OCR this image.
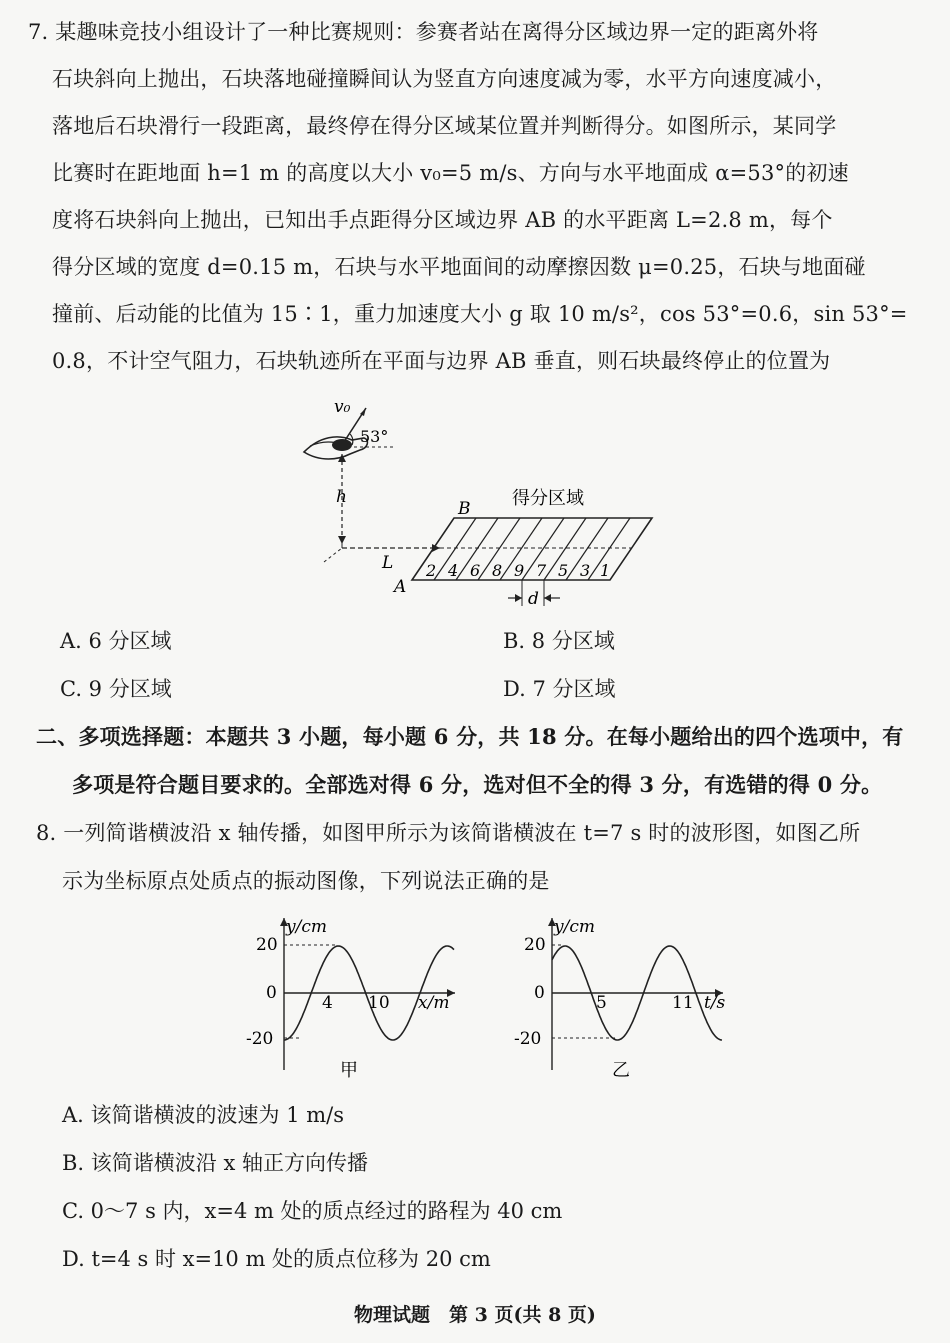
7. 某趣味竞技小组设计了一种比赛规则：参赛者站在离得分区域边界一定的距离外将
石块斜向上抛出，石块落地碰撞瞬间认为竖直方向速度减为零，水平方向速度减小，
落地后石块滑行一段距离，最终停在得分区域某位置并判断得分。如图所示，某同学
比赛时在距地面 h=1 m 的高度以大小 v₀=5 m/s、方向与水平地面成 α=53°的初速
度将石块斜向上抛出，已知出手点距得分区域边界 AB 的水平距离 L=2.8 m，每个
得分区域的宽度 d=0.15 m，石块与水平地面间的动摩擦因数 μ=0.25，石块与地面碰
撞前、后动能的比值为 15∶1，重力加速度大小 g 取 10 m/s²，cos 53°=0.6，sin 53°=
0.8，不计空气阻力，石块轨迹所在平面与边界 AB 垂直，则石块最终停止的位置为
v₀
53°
h
L
B
A
得分区域
2 4 6 8 9 7 5 3 1
d
A. 6 分区域	B. 8 分区域
C. 9 分区域	D. 7 分区域
二、多项选择题：本题共 3 小题，每小题 6 分，共 18 分。在每小题给出的四个选项中，有
多项是符合题目要求的。全部选对得 6 分，选对但不全的得 3 分，有选错的得 0 分。
8. 一列简谐横波沿 x 轴传播，如图甲所示为该简谐横波在 t=7 s 时的波形图，如图乙所
示为坐标原点处质点的振动图像，下列说法正确的是
y/cm
x/m
20
0
-20
4 10
甲
y/cm
t/s
20
0
-20
5	11
乙
A. 该简谐横波的波速为 1 m/s
B. 该简谐横波沿 x 轴正方向传播
C. 0～7 s 内，x=4 m 处的质点经过的路程为 40 cm
D. t=4 s 时 x=10 m 处的质点位移为 20 cm
物理试题　第 3 页(共 8 页)
